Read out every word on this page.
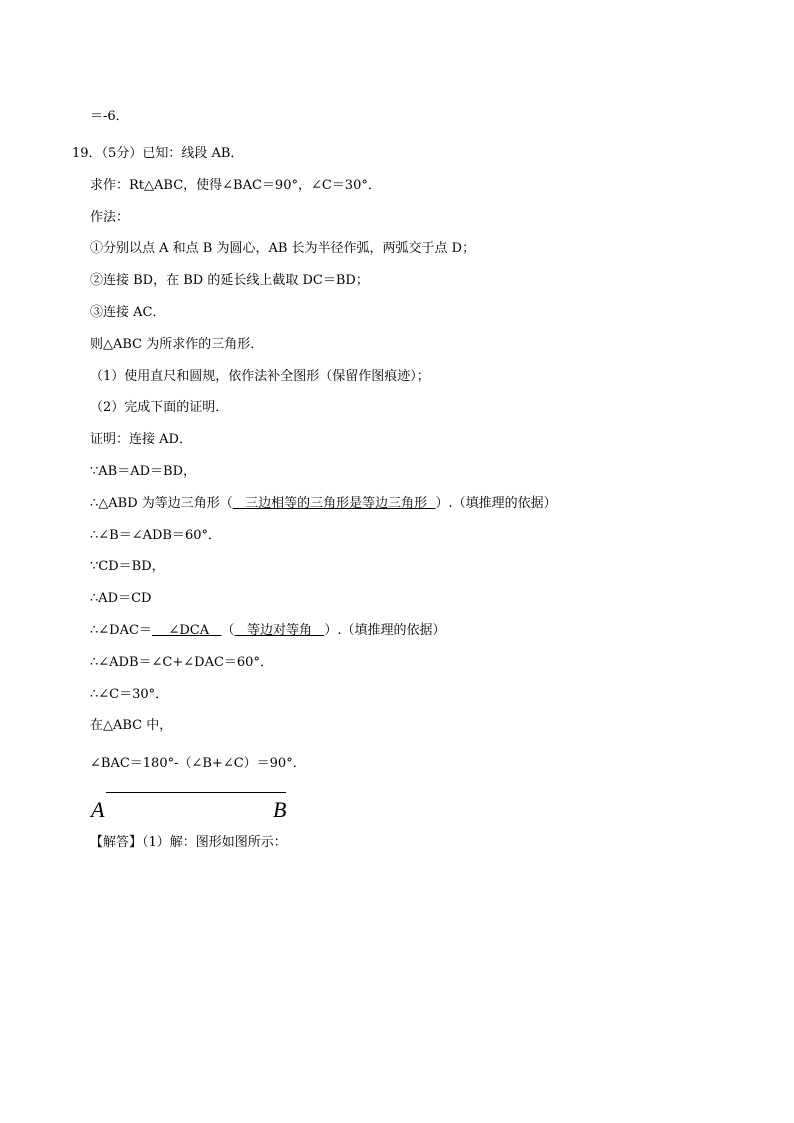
＝-6．
19．（5分）已知：线段 AB．
求作：Rt△ABC，使得∠BAC＝90°，∠C＝30°．
作法：
①分别以点 A 和点 B 为圆心，AB 长为半径作弧，两弧交于点 D；
②连接 BD，在 BD 的延长线上截取 DC＝BD；
③连接 AC．
则△ABC 为所求作的三角形．
（1）使用直尺和圆规，依作法补全图形（保留作图痕迹）；
（2）完成下面的证明．
证明：连接 AD．
∵AB＝AD＝BD，
∴△ABD 为等边三角形（ 三边相等的三角形是等边三角形 ）.（填推理的依据）
∴∠B＝∠ADB＝60°．
∵CD＝BD，
∴AD＝CD
∴∠DAC＝ ∠DCA （ 等边对等角 ）.（填推理的依据）
∴∠ADB＝∠C+∠DAC＝60°．
∴∠C＝30°．
在△ABC 中，
∠BAC＝180°-（∠B+∠C）＝90°．
A	B
【解答】（1）解：图形如图所示：
